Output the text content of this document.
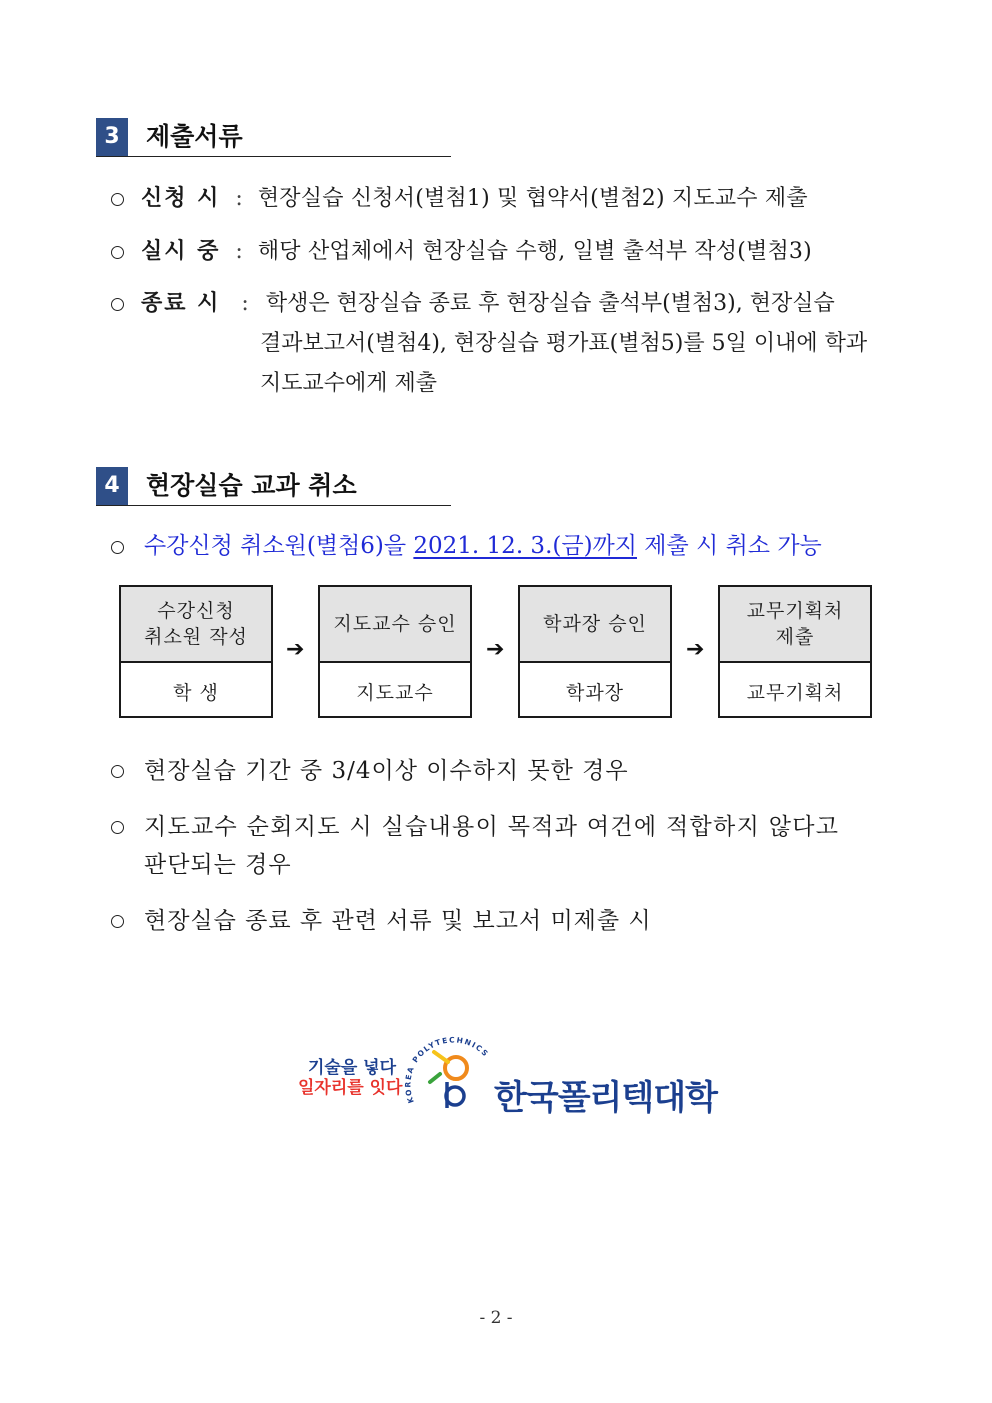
3	제출서류
신청 시 : 현장실습 신청서(별첨1) 및 협약서(별첨2) 지도교수 제출
실시 중 : 해당 산업체에서 현장실습 수행, 일별 출석부 작성(별첨3)
종료 시 : 학생은 현장실습 종료 후 현장실습 출석부(별첨3), 현장실습
결과보고서(별첨4), 현장실습 평가표(별첨5)를 5일 이내에 학과
지도교수에게 제출
4	현장실습 교과 취소
수강신청 취소원(별첨6)을 2021. 12. 3.(금)까지 제출 시 취소 가능
수강신청
취소원 작성
학 생
➔
지도교수 승인
지도교수
➔
학과장 승인
학과장
➔
교무기획처
제출
교무기획처
현장실습 기간 중 3/4이상 이수하지 못한 경우
지도교수 순회지도 시 실습내용이 목적과 여건에 적합하지 않다고
판단되는 경우
현장실습 종료 후 관련 서류 및 보고서 미제출 시
기술을 넣다
일자리를 잇다
KOREA POLYTECHNICS
한국폴리텍대학
- 2 -
